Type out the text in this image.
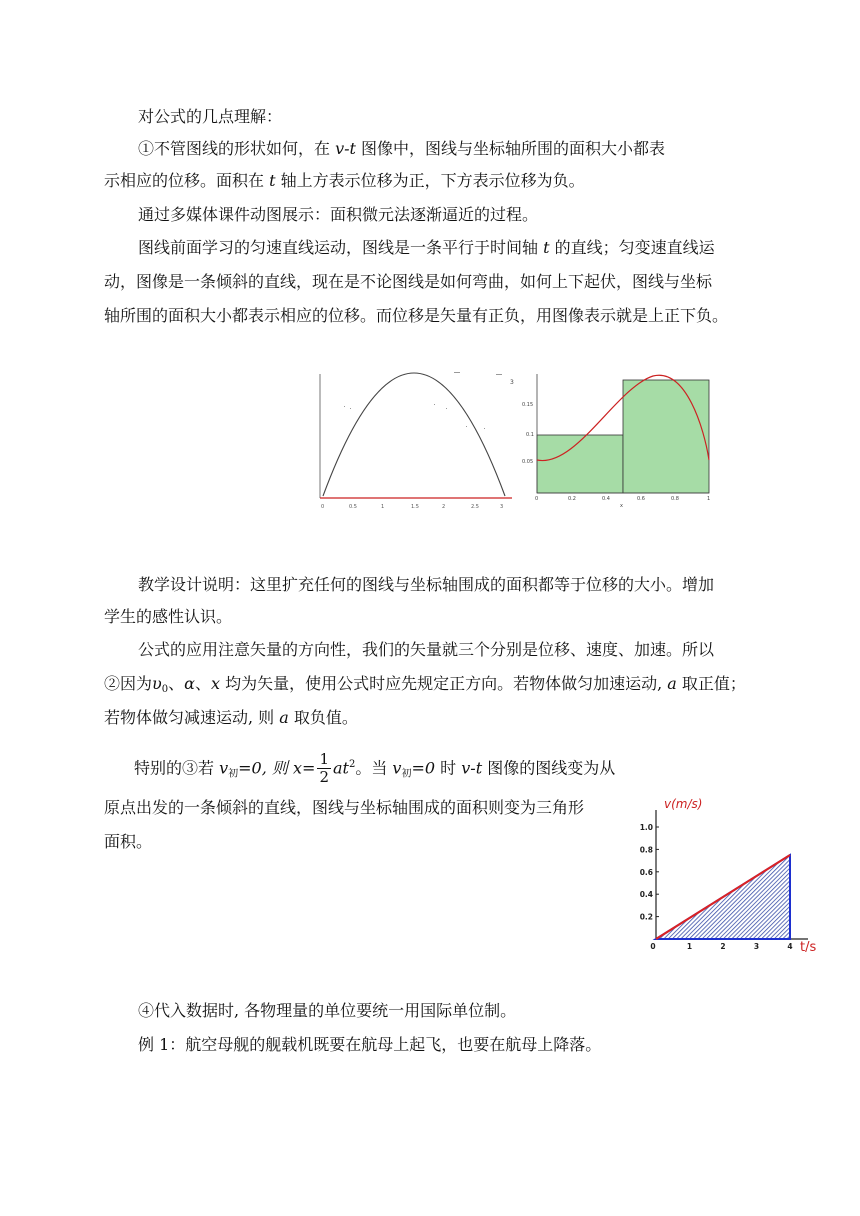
对公式的几点理解：
①不管图线的形状如何，在 v-t 图像中，图线与坐标轴所围的面积大小都表
示相应的位移。面积在 t 轴上方表示位移为正，下方表示位移为负。
通过多媒体课件动图展示：面积微元法逐渐逼近的过程。
图线前面学习的匀速直线运动，图线是一条平行于时间轴 t 的直线；匀变速直线运
动，图像是一条倾斜的直线，现在是不论图线是如何弯曲，如何上下起伏，图线与坐标
轴所围的面积大小都表示相应的位移。而位移是矢量有正负，用图像表示就是上正下负。
0	0.5	1	1.5	2	2.5	3
0.05
0.1
0.15
0	0.2	0.4	0.6	0.8	1
x
3
教学设计说明：这里扩充任何的图线与坐标轴围成的面积都等于位移的大小。增加
学生的感性认识。
公式的应用注意矢量的方向性，我们的矢量就三个分别是位移、速度、加速。所以
②因为$\upsilon_0$、α、x 均为矢量，使用公式时应先规定正方向。若物体做匀加速运动, a 取正值；
若物体做匀减速运动, 则 a 取负值。
特别的③若 $v_初=0$, 则 $x= \frac{1}{2} at^2$。当 $v_初=0$ 时 v-t 图像的图线变为从
原点出发的一条倾斜的直线，图线与坐标轴围成的面积则变为三角形
面积。
0.2
0.4
0.6
0.8
1.0
0	1	2	3	4
v(m/s)
t/s
④代入数据时, 各物理量的单位要统一用国际单位制。
例 1：航空母舰的舰载机既要在航母上起飞，也要在航母上降落。
